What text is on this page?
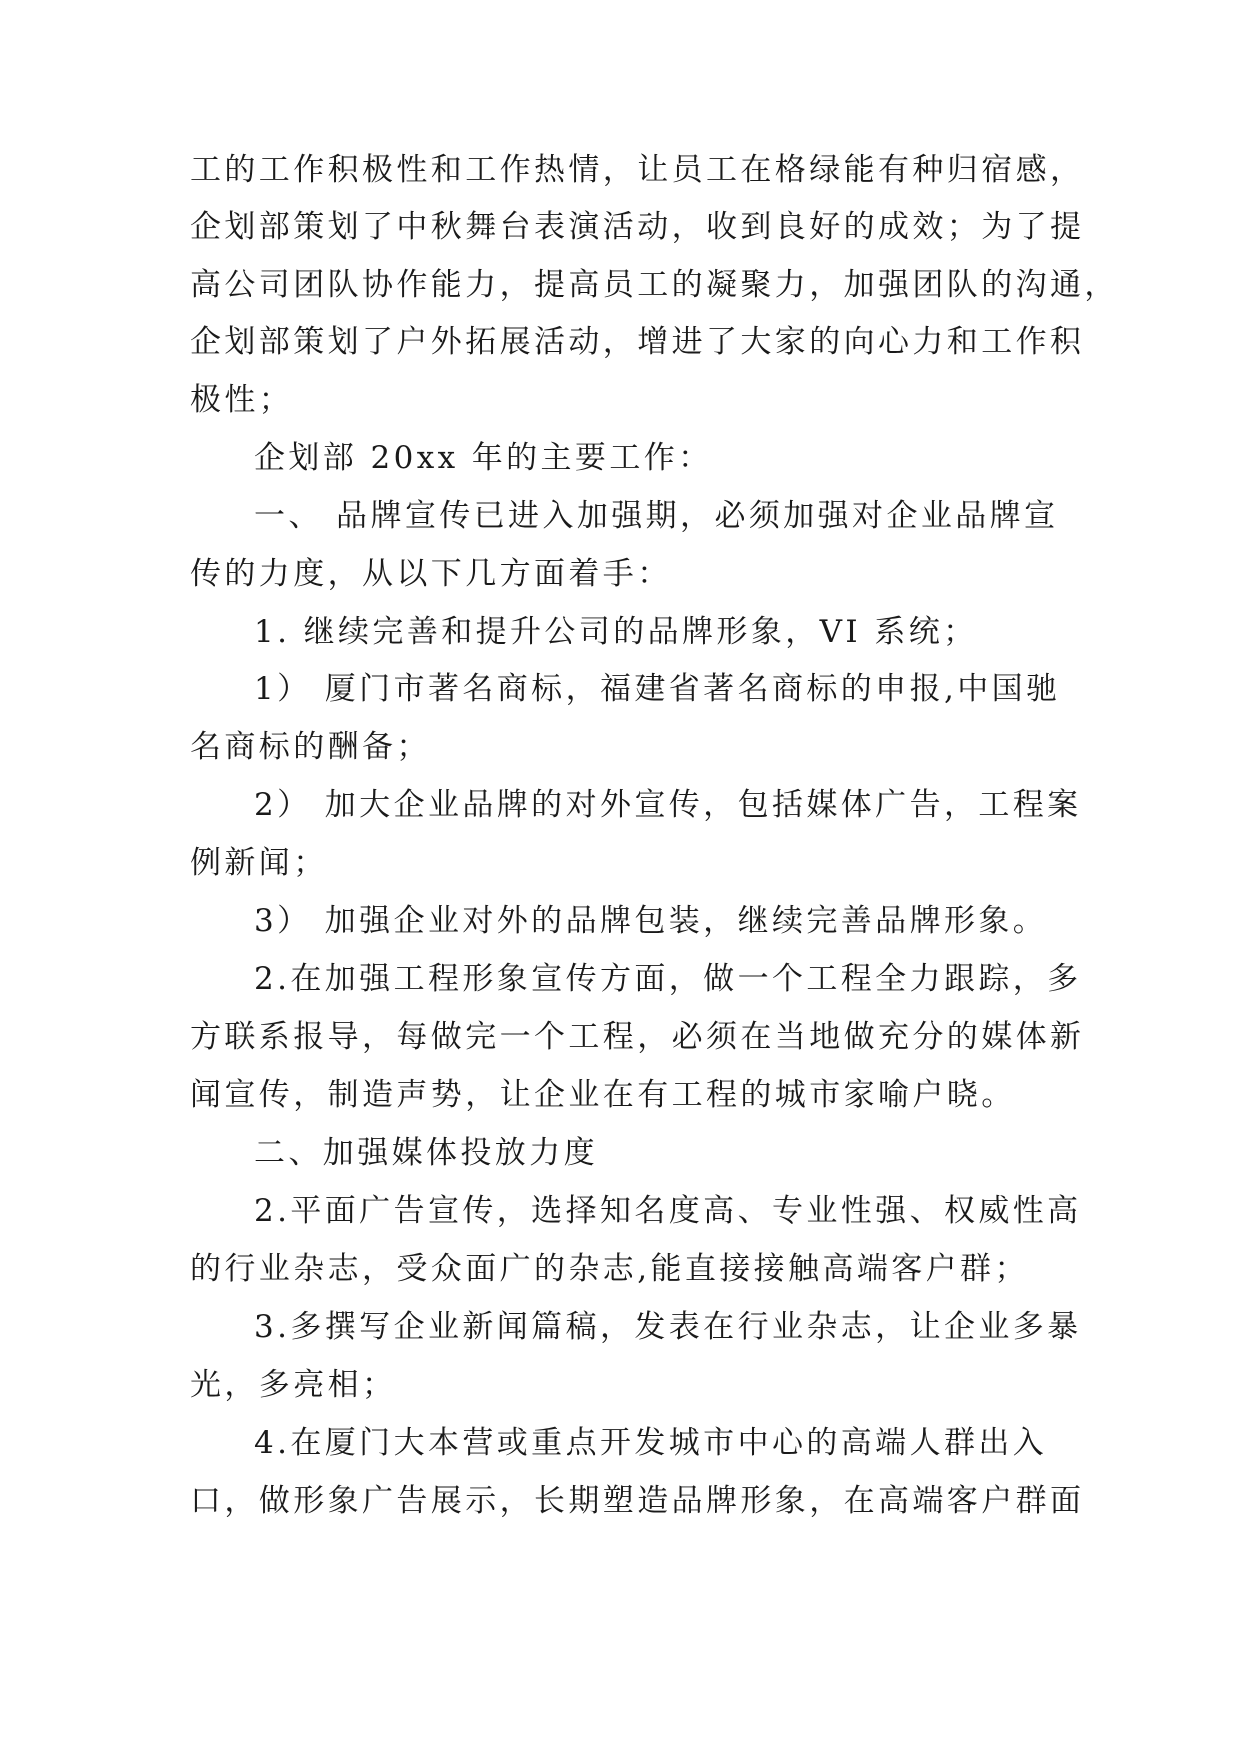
工的工作积极性和工作热情，让员工在格绿能有种归宿感，
企划部策划了中秋舞台表演活动，收到良好的成效；为了提
高公司团队协作能力，提高员工的凝聚力，加强团队的沟通，
企划部策划了户外拓展活动，增进了大家的向心力和工作积
极性；
企划部 20xx 年的主要工作：
一、 品牌宣传已进入加强期，必须加强对企业品牌宣
传的力度，从以下几方面着手：
1. 继续完善和提升公司的品牌形象，VI 系统；
1） 厦门市著名商标，福建省著名商标的申报,中国驰
名商标的酬备；
2） 加大企业品牌的对外宣传，包括媒体广告，工程案
例新闻；
3） 加强企业对外的品牌包装，继续完善品牌形象。
2.在加强工程形象宣传方面，做一个工程全力跟踪，多
方联系报导，每做完一个工程，必须在当地做充分的媒体新
闻宣传，制造声势，让企业在有工程的城市家喻户晓。
二、加强媒体投放力度
2.平面广告宣传，选择知名度高、专业性强、权威性高
的行业杂志，受众面广的杂志,能直接接触高端客户群；
3.多撰写企业新闻篇稿，发表在行业杂志，让企业多暴
光，多亮相；
4.在厦门大本营或重点开发城市中心的高端人群出入
口，做形象广告展示，长期塑造品牌形象，在高端客户群面
